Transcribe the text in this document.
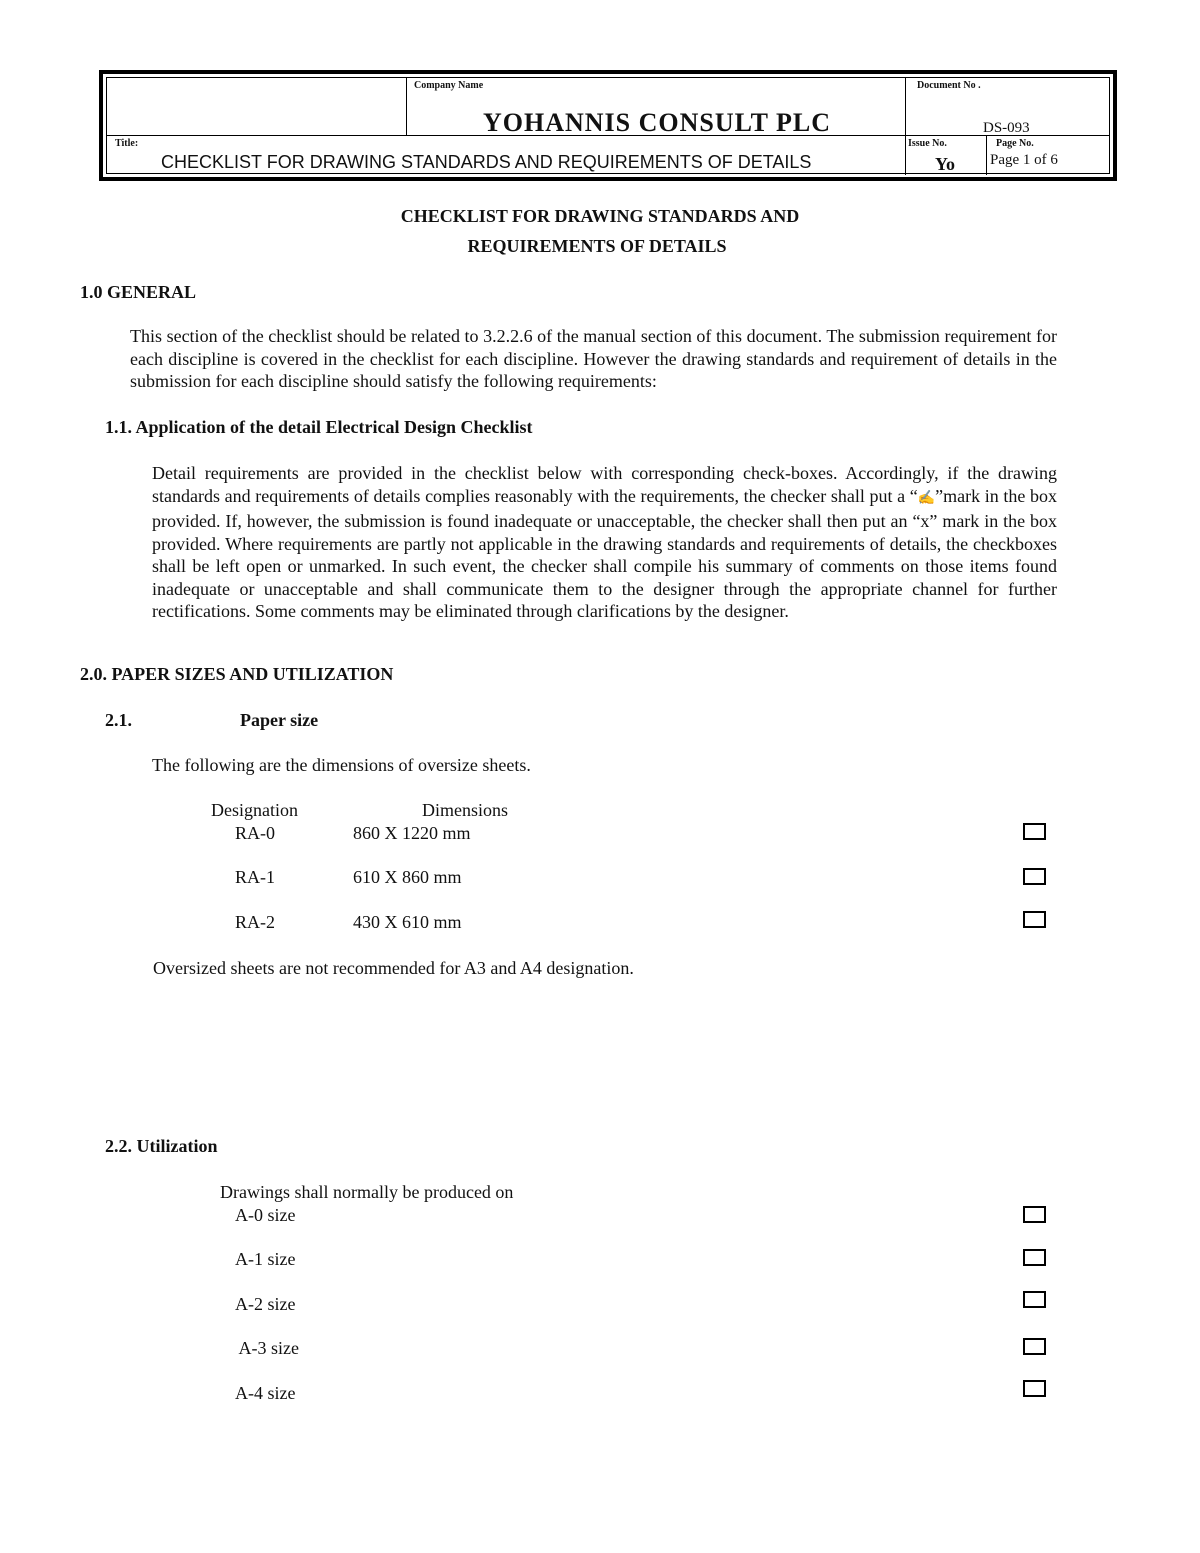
Company Name
YOHANNIS CONSULT PLC
Document No .
DS-093
Title:
CHECKLIST FOR DRAWING STANDARDS AND REQUIREMENTS OF DETAILS
Issue No.
Yo
Page No.
Page 1 of 6
CHECKLIST FOR DRAWING STANDARDS AND
REQUIREMENTS OF DETAILS
1.0 GENERAL
This section of the checklist should be related to 3.2.2.6 of the manual section of this document. The submission requirement for each discipline is covered in the checklist for each discipline. However the drawing standards and requirement of details in the submission for each discipline should satisfy the following requirements:
1.1. Application of the detail Electrical Design Checklist
Detail requirements are provided in the checklist below with corresponding check-boxes. Accordingly, if the drawing standards and requirements of details complies reasonably with the requirements, the checker shall put a “✍”mark in the box provided. If, however, the submission is found inadequate or unacceptable, the checker shall then put an “x” mark in the box provided. Where requirements are partly not applicable in the drawing standards and requirements of details, the checkboxes shall be left open or unmarked. In such event, the checker shall compile his summary of comments on those items found inadequate or unacceptable and shall communicate them to the designer through the appropriate channel for further rectifications. Some comments may be eliminated through clarifications by the designer.
2.0. PAPER SIZES AND UTILIZATION
2.1.	Paper size
The following are the dimensions of oversize sheets.
Designation	Dimensions
RA-0	860 X 1220 mm
RA-1	610 X 860 mm
RA-2	430 X 610 mm
Oversized sheets are not recommended for A3 and A4 designation.
2.2. Utilization
Drawings shall normally be produced on
A-0 size
A-1 size
A-2 size
A-3 size
A-4 size
